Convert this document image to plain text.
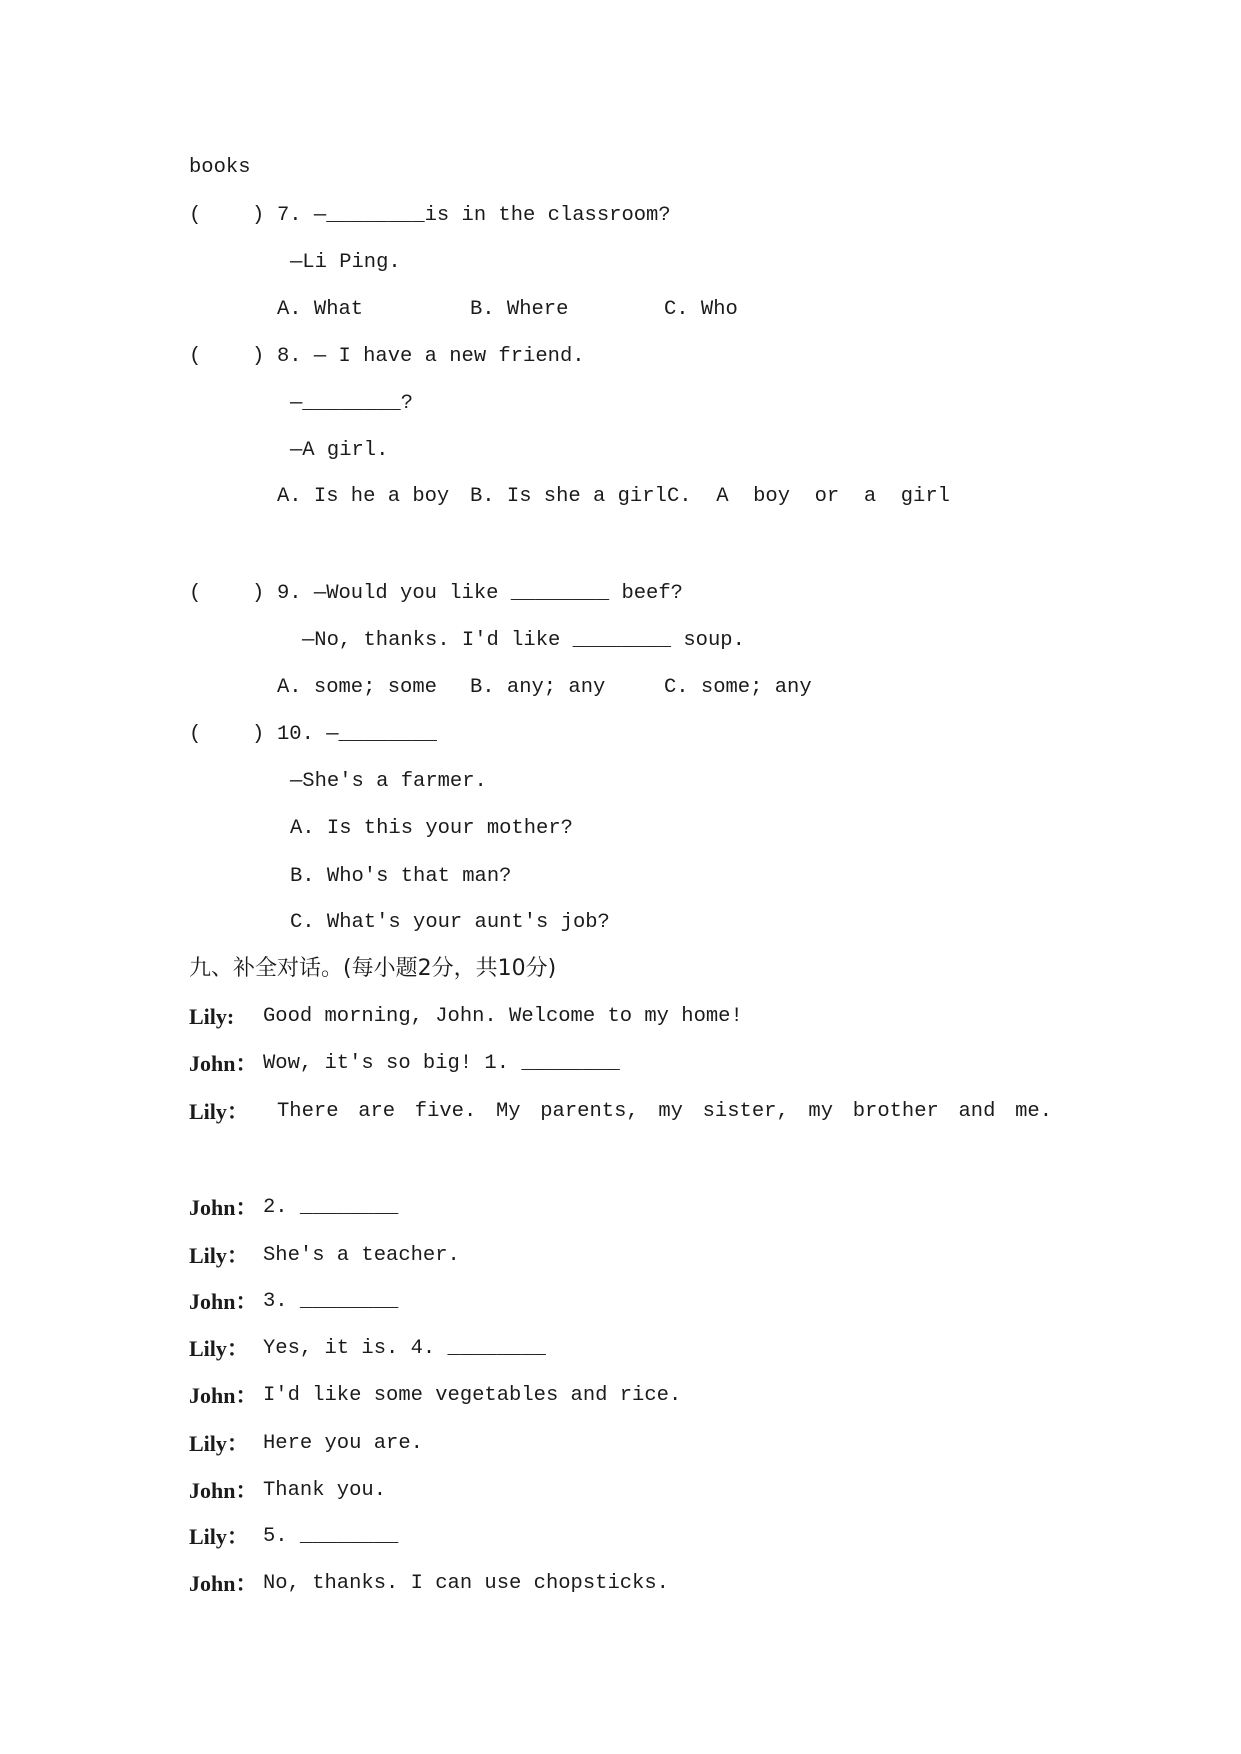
books
( ) 7. —________is in the classroom?
—Li Ping.
A. What	B. Where	C. Who
( ) 8. — I have a new friend.
—________?
—A girl.
A. Is he a boy B. Is she a girl C.  A  boy  or  a  girl
( ) 9. —Would you like ________ beef?
—No, thanks. I'd like ________ soup.
A. some; some B. any; any	C. some; any
( ) 10. —________
—She's a farmer.
A. Is this your mother?
B. Who's that man?
C. What's your aunt's job?
九、补全对话。(每小题2分，共10分)
Lily: Good morning, John. Welcome to my home!
John： Wow, it's so big! 1. ________
Lily： There are five. My parents, my sister, my brother and me.
John： 2. ________
Lily： She's a teacher.
John： 3. ________
Lily： Yes, it is. 4. ________
John： I'd like some vegetables and rice.
Lily： Here you are.
John： Thank you.
Lily： 5. ________
John： No, thanks. I can use chopsticks.
